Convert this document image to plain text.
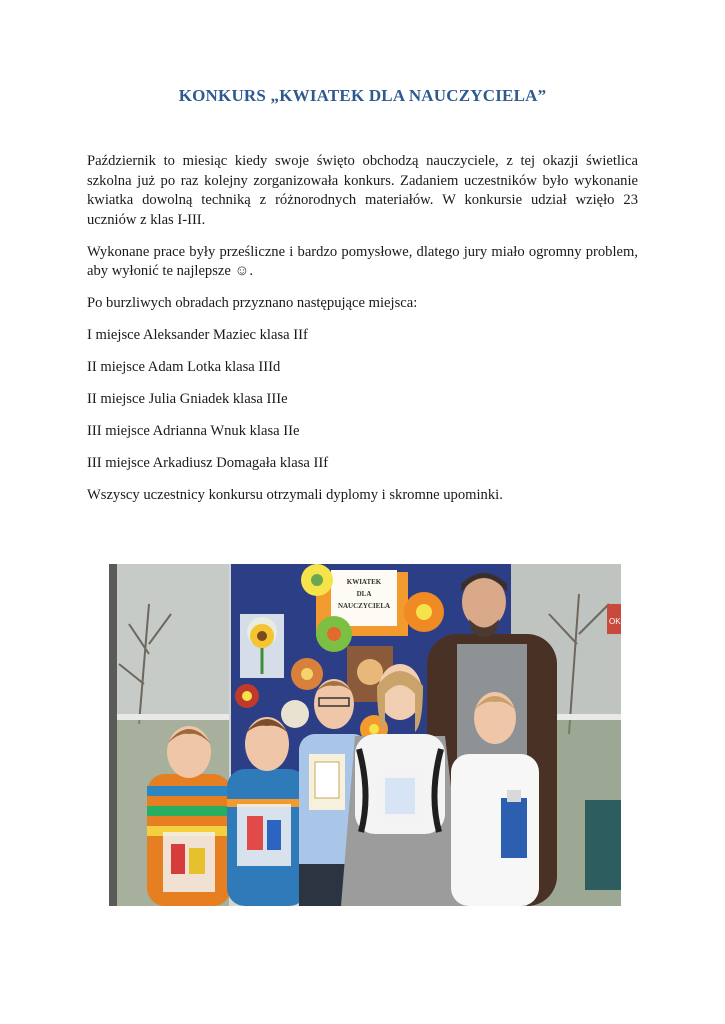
KONKURS „KWIATEK DLA NAUCZYCIELA”

Październik to miesiąc kiedy swoje święto obchodzą nauczyciele, z tej okazji świetlica szkolna już po raz kolejny zorganizowała konkurs. Zadaniem uczestników było wykonanie kwiatka dowolną techniką z różnorodnych materiałów. W konkursie udział wzięło 23 uczniów z klas I-III.

Wykonane prace były prześliczne i bardzo pomysłowe, dlatego jury miało ogromny problem, aby wyłonić te najlepsze ☺.

Po burzliwych obradach przyznano następujące miejsca:

I miejsce Aleksander Maziec klasa IIf

II miejsce Adam Lotka klasa IIId

II miejsce Julia Gniadek klasa IIIe

III miejsce Adrianna Wnuk klasa IIe

III miejsce Arkadiusz Domagała klasa IIf

Wszyscy uczestnicy konkursu otrzymali dyplomy i skromne upominki.

OKNA
KWIATEK
DLA
NAUCZYCIELA
